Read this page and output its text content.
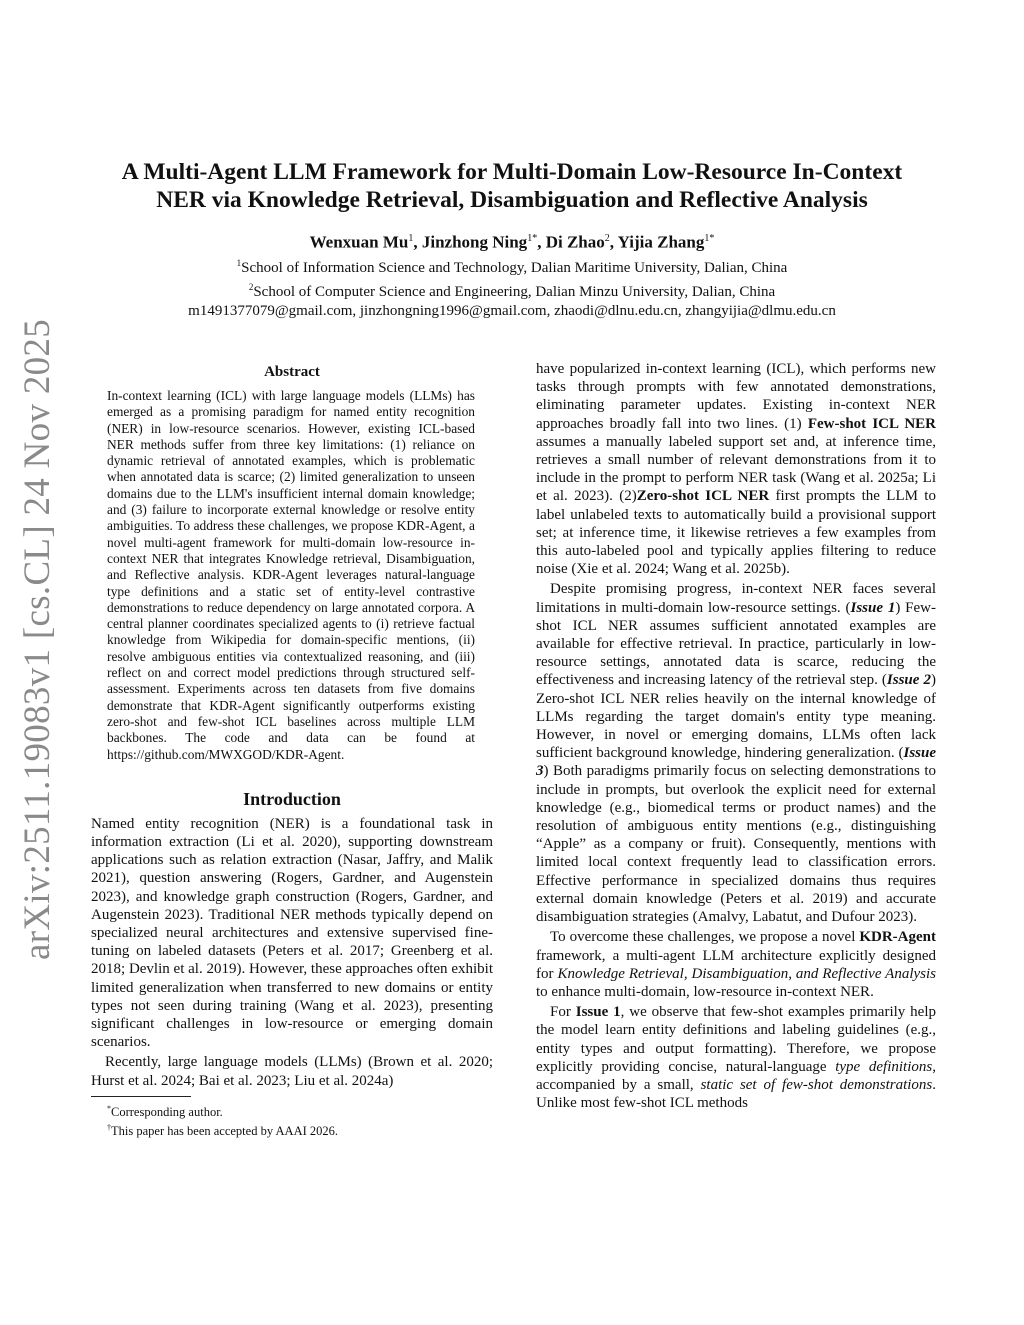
arXiv:2511.19083v1 [cs.CL] 24 Nov 2025
A Multi-Agent LLM Framework for Multi-Domain Low-Resource In-Context
NER via Knowledge Retrieval, Disambiguation and Reflective Analysis
Wenxuan Mu$^1$, Jinzhong Ning$^{1*}$, Di Zhao$^2$, Yijia Zhang$^{1*}$
$^1$School of Information Science and Technology, Dalian Maritime University, Dalian, China
$^2$School of Computer Science and Engineering, Dalian Minzu University, Dalian, China
m1491377079@gmail.com, jinzhongning1996@gmail.com, zhaodi@dlnu.edu.cn, zhangyijia@dlmu.edu.cn
Abstract

In-context learning (ICL) with large language models (LLMs) has emerged as a promising paradigm for named entity recognition (NER) in low-resource scenarios. However, existing ICL-based NER methods suffer from three key limitations: (1) reliance on dynamic retrieval of annotated examples, which is problematic when annotated data is scarce; (2) limited generalization to unseen domains due to the LLM's insufficient internal domain knowledge; and (3) failure to incorporate external knowledge or resolve entity ambiguities. To address these challenges, we propose KDR-Agent, a novel multi-agent framework for multi-domain low-resource in-context NER that integrates Knowledge retrieval, Disambiguation, and Reflective analysis. KDR-Agent leverages natural-language type definitions and a static set of entity-level contrastive demonstrations to reduce dependency on large annotated corpora. A central planner coordinates specialized agents to (i) retrieve factual knowledge from Wikipedia for domain-specific mentions, (ii) resolve ambiguous entities via contextualized reasoning, and (iii) reflect on and correct model predictions through structured self-assessment. Experiments across ten datasets from five domains demonstrate that KDR-Agent significantly outperforms existing zero-shot and few-shot ICL baselines across multiple LLM backbones. The code and data can be found at https://github.com/MWXGOD/KDR-Agent.

Introduction

Named entity recognition (NER) is a foundational task in information extraction (Li et al. 2020), supporting downstream applications such as relation extraction (Nasar, Jaffry, and Malik 2021), question answering (Rogers, Gardner, and Augenstein 2023), and knowledge graph construction (Rogers, Gardner, and Augenstein 2023). Traditional NER methods typically depend on specialized neural architectures and extensive supervised fine-tuning on labeled datasets (Peters et al. 2017; Greenberg et al. 2018; Devlin et al. 2019). However, these approaches often exhibit limited generalization when transferred to new domains or entity types not seen during training (Wang et al. 2023), presenting significant challenges in low-resource or emerging domain scenarios.

Recently, large language models (LLMs) (Brown et al. 2020; Hurst et al. 2024; Bai et al. 2023; Liu et al. 2024a)

*Corresponding author.
†This paper has been accepted by AAAI 2026.

have popularized in-context learning (ICL), which performs new tasks through prompts with few annotated demonstrations, eliminating parameter updates. Existing in-context NER approaches broadly fall into two lines. (1) Few-shot ICL NER assumes a manually labeled support set and, at inference time, retrieves a small number of relevant demonstrations from it to include in the prompt to perform NER task (Wang et al. 2025a; Li et al. 2023). (2)Zero-shot ICL NER first prompts the LLM to label unlabeled texts to automatically build a provisional support set; at inference time, it likewise retrieves a few examples from this auto-labeled pool and typically applies filtering to reduce noise (Xie et al. 2024; Wang et al. 2025b).

Despite promising progress, in-context NER faces several limitations in multi-domain low-resource settings. (Issue 1) Few-shot ICL NER assumes sufficient annotated examples are available for effective retrieval. In practice, particularly in low-resource settings, annotated data is scarce, reducing the effectiveness and increasing latency of the retrieval step. (Issue 2) Zero-shot ICL NER relies heavily on the internal knowledge of LLMs regarding the target domain's entity type meaning. However, in novel or emerging domains, LLMs often lack sufficient background knowledge, hindering generalization. (Issue 3) Both paradigms primarily focus on selecting demonstrations to include in prompts, but overlook the explicit need for external knowledge (e.g., biomedical terms or product names) and the resolution of ambiguous entity mentions (e.g., distinguishing “Apple” as a company or fruit). Consequently, mentions with limited local context frequently lead to classification errors. Effective performance in specialized domains thus requires external domain knowledge (Peters et al. 2019) and accurate disambiguation strategies (Amalvy, Labatut, and Dufour 2023).

To overcome these challenges, we propose a novel KDR-Agent framework, a multi-agent LLM architecture explicitly designed for Knowledge Retrieval, Disambiguation, and Reflective Analysis to enhance multi-domain, low-resource in-context NER.

For Issue 1, we observe that few-shot examples primarily help the model learn entity definitions and labeling guidelines (e.g., entity types and output formatting). Therefore, we propose explicitly providing concise, natural-language type definitions, accompanied by a small, static set of few-shot demonstrations. Unlike most few-shot ICL methods
